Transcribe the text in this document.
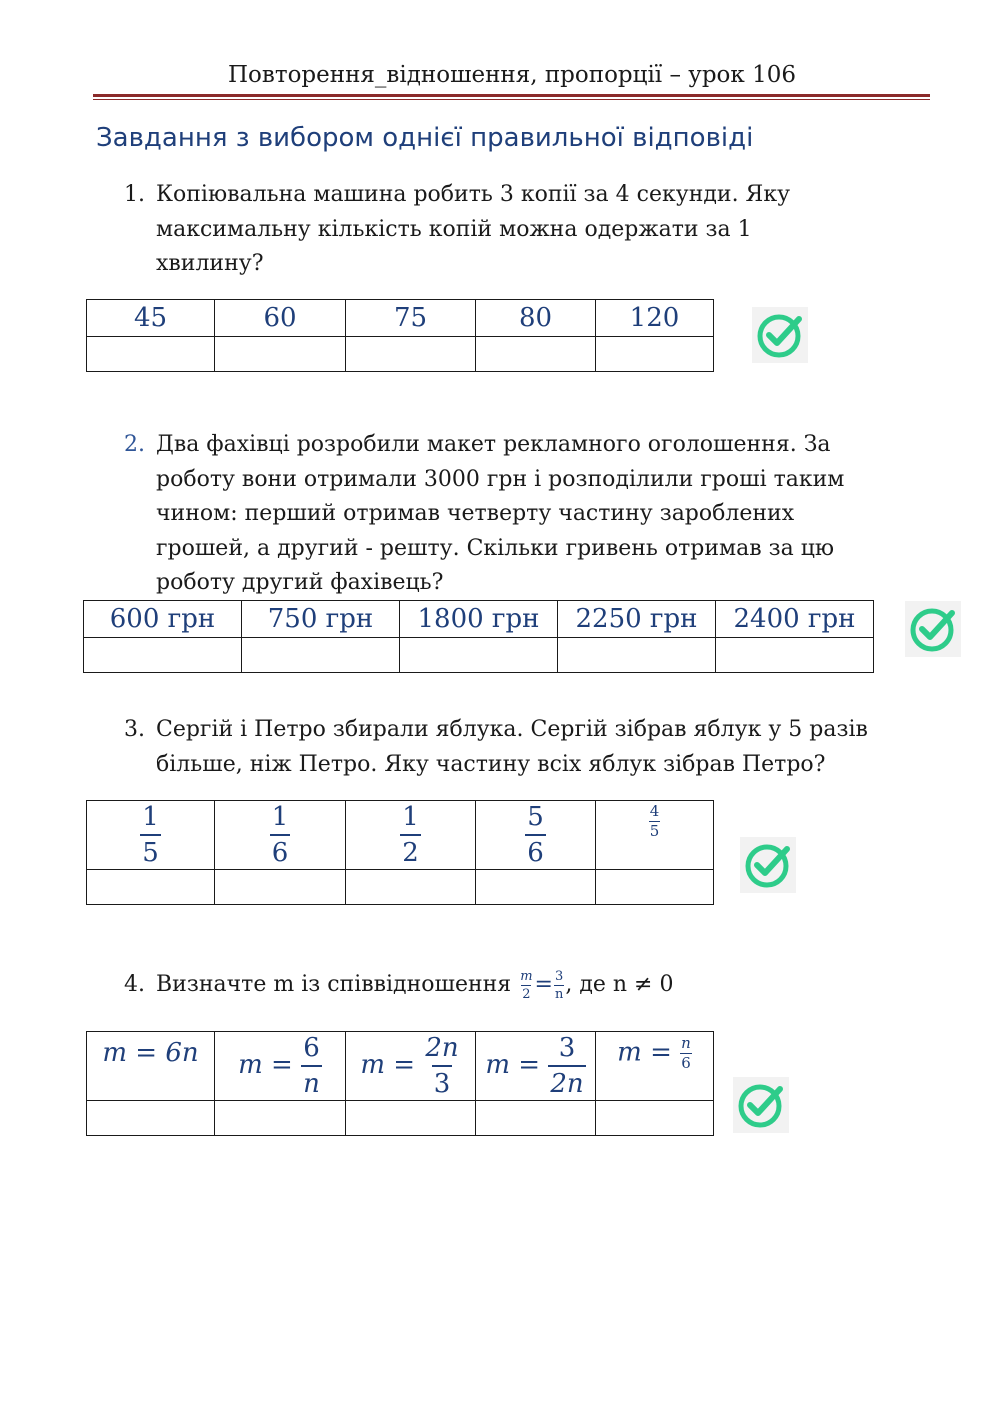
Повторення_відношення, пропорції – урок 106
Завдання з вибором однієї правильної відповіді
1. Копіювальна машина робить 3 копії за 4 секунди. Яку
максимальну кількість копій можна одержати за 1
хвилину?
45	60	75	80	120

2. Два фахівці розробили макет рекламного оголошення. За
роботу вони отримали 3000 грн і розподілили гроші таким
чином: перший отримав четверту частину зароблених
грошей, а другий - решту. Скільки гривень отримав за цю
роботу другий фахівець?
600 грн	750 грн	1800 грн	2250 грн	2400 грн

3. Сергій і Петро збирали яблука. Сергій зібрав яблук у 5 разів
більше, ніж Петро. Яку частину всіх яблук зібрав Петро?
$\frac{1}{5}$	$\frac{1}{6}$	$\frac{1}{2}$	$\frac{5}{6}$	$\frac{4}{5}$

4. Визначте m із співвідношення $\frac{m}{2} = \frac{3}{n}$ , де n ≠ 0
m = 6n	$m = \frac{6}{n}$	$m = \frac{2n}{3}$	$m = \frac{3}{2n}$	$m = \frac{n}{6}$
